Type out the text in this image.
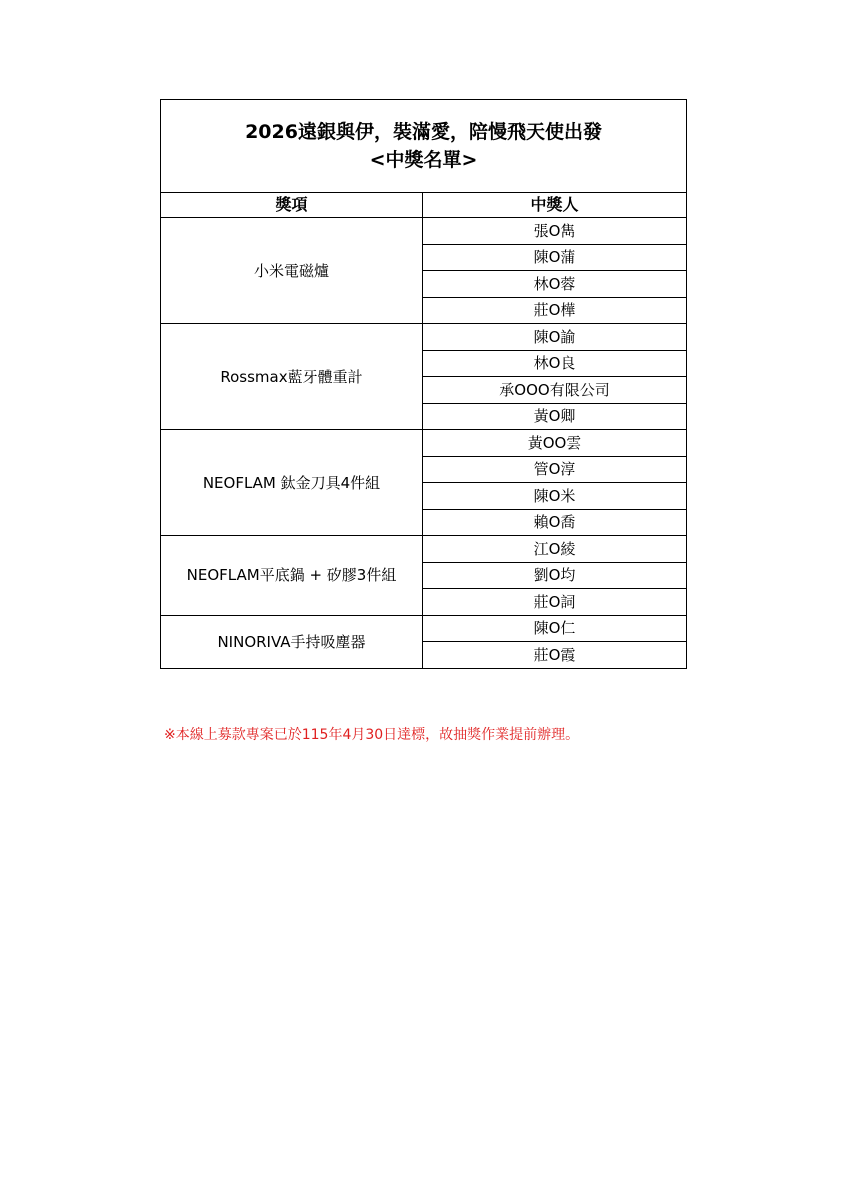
2026遠銀與伊，裝滿愛，陪慢飛天使出發
<中獎名單>	

獎項	中獎人
小米電磁爐	張O雋
	陳O蒲
	林O蓉
	莊O樺
Rossmax藍牙體重計	陳O諭
	林O良
	承OOO有限公司
	黃O卿
NEOFLAM 鈦金刀具4件組	黃OO雲
	管O淳
	陳O米
	賴O喬
NEOFLAM平底鍋 + 矽膠3件組	江O綾
	劉O均
	莊O詞
NINORIVA手持吸塵器	陳O仁
	莊O霞
※本線上募款專案已於115年4月30日達標，故抽獎作業提前辦理。
